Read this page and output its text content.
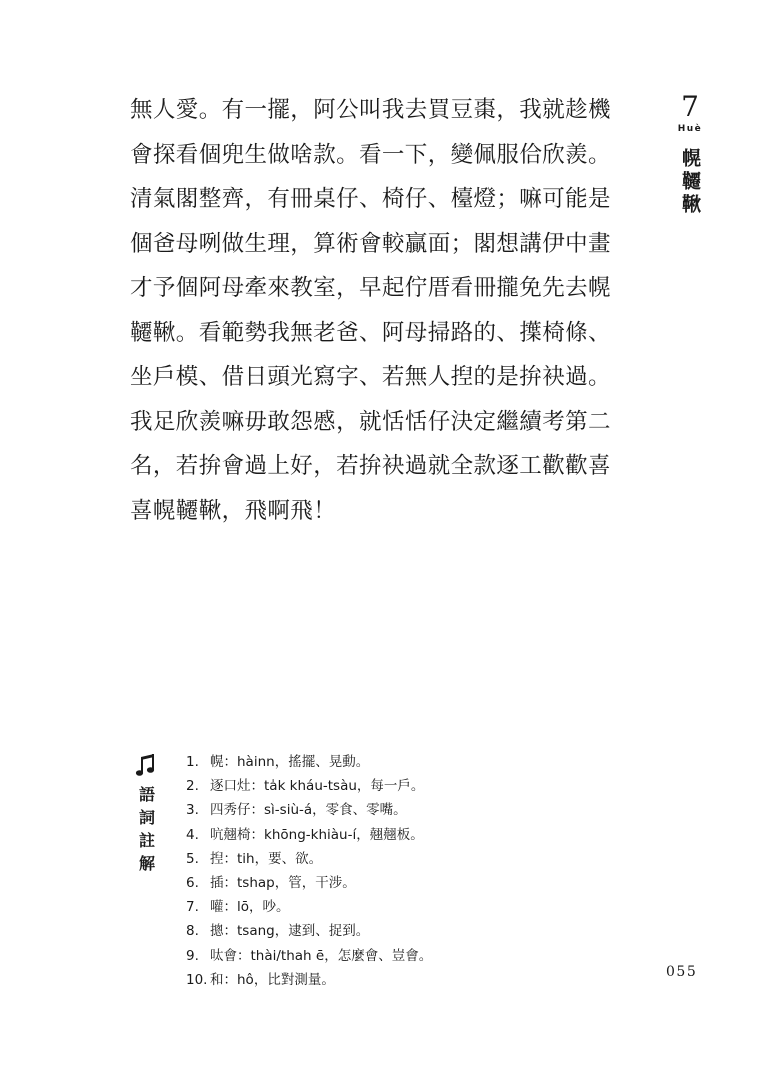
無人愛。有一擺，阿公叫我去買豆棗，我就趁機
會探看個兜生做啥款。看一下，變佩服佮欣羨。
清氣閣整齊，有冊桌仔、椅仔、檯燈；嘛可能是
個爸母咧做生理，算術會較贏面；閣想講伊中畫
才予個阿母牽來教室，早起佇厝看冊攏免先去幌
韆鞦。看範勢我無老爸、阿母掃路的、擛椅條、
坐戶模、借日頭光寫字、若無人揑的是拚袂過。
我足欣羨嘛毋敢怨慼，就恬恬仔決定繼續考第二
名，若拚會過上好，若拚袂過就全款逐工歡歡喜
喜幌韆鞦，飛啊飛！
7
Huè
幌韆鞦
語詞註解
1. 幌：hàinn，搖擺、晃動。
2. 逐口灶：ta̍k kháu-tsàu，每一戶。
3. 四秀仔：sì-siù-á，零食、零嘴。
4. 吭翹椅：khōng-khiàu-í，翹翹板。
5. 揑：tih，要、欲。
6. 插：tshap，管，干涉。
7. 嚾：lō，吵。
8. 摠：tsang，逮到、捉到。
9. 呔會：thài/thah ē，怎麼會、豈會。
10. 和：hô，比對測量。	055
